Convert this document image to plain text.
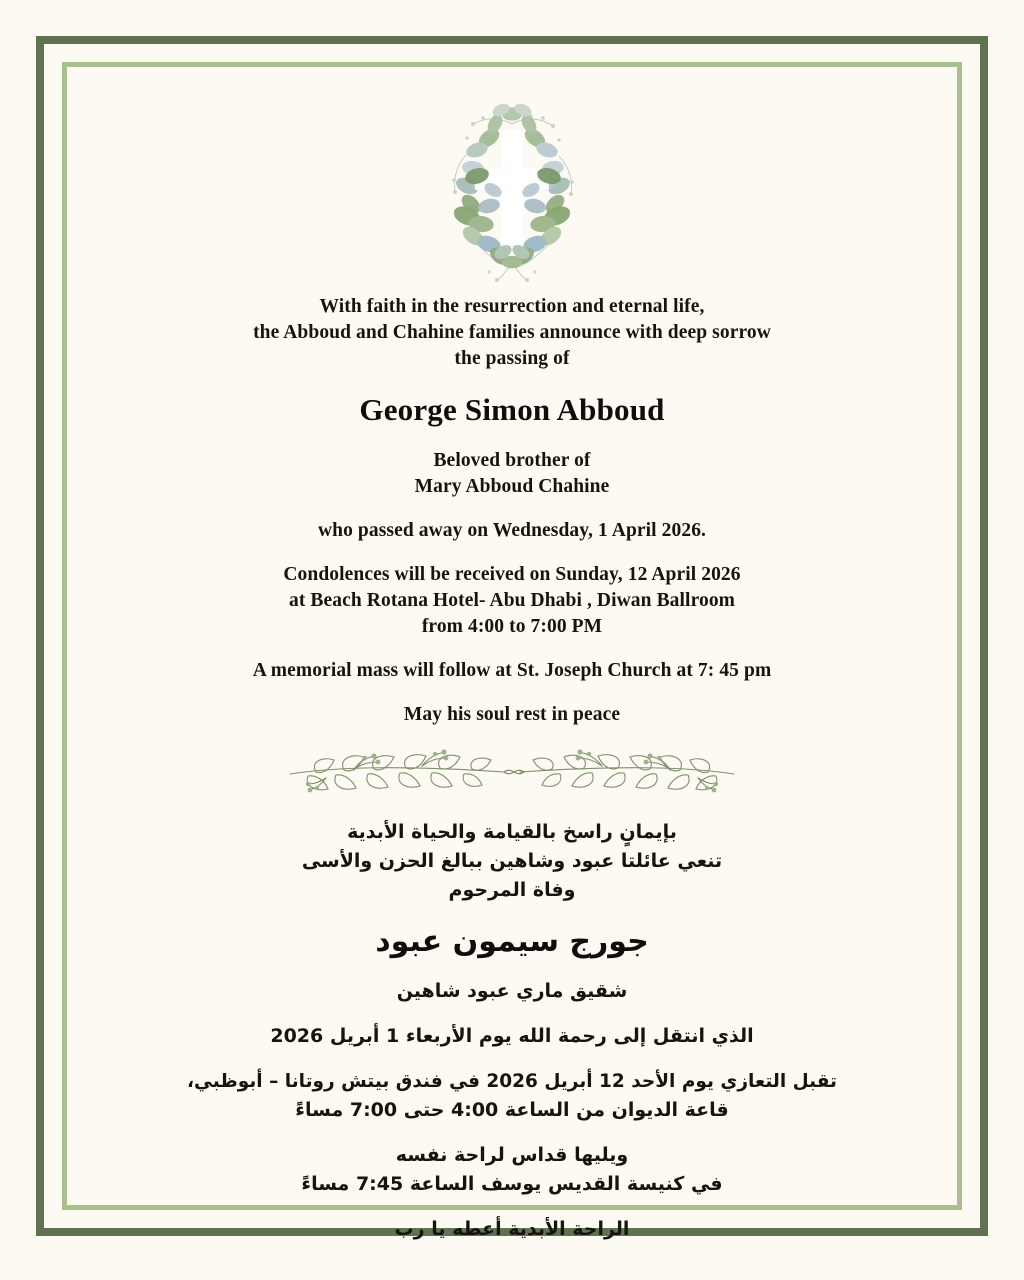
With faith in the resurrection and eternal life,
the Abboud and Chahine families announce with deep sorrow
the passing of
George Simon Abboud
Beloved brother of
Mary Abboud Chahine
who passed away on Wednesday, 1 April 2026.
Condolences will be received on Sunday, 12 April 2026
at Beach Rotana Hotel- Abu Dhabi , Diwan Ballroom
from 4:00 to 7:00 PM
A memorial mass will follow at St. Joseph Church at 7: 45 pm
May his soul rest in peace
بإيمانٍ راسخ بالقيامة والحياة الأبدية
تنعي عائلتا عبود وشاهين ببالغ الحزن والأسى
وفاة المرحوم
جورج سيمون عبود
شقيق ماري عبود شاهين
الذي انتقل إلى رحمة الله يوم الأربعاء 1 أبريل 2026
تقبل التعازي يوم الأحد 12 أبريل 2026 في فندق بيتش روتانا – أبوظبي،
قاعة الديوان من الساعة 4:00 حتى 7:00 مساءً
ويليها قداس لراحة نفسه
في كنيسة القديس يوسف الساعة 7:45 مساءً
الراحة الأبدية أعطه يا رب
